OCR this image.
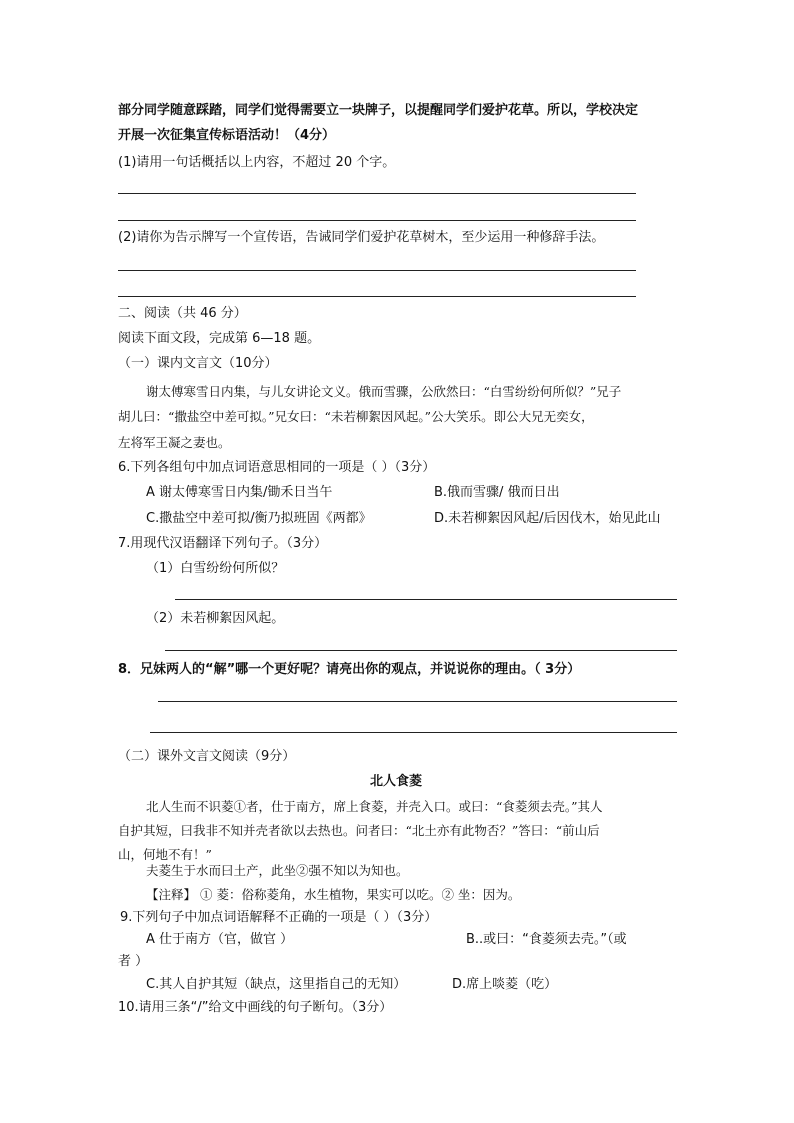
部分同学随意踩踏，同学们觉得需要立一块牌子，以提醒同学们爱护花草。所以，学校决定
开展一次征集宣传标语活动！（4分）
(1)请用一句话概括以上内容，不超过 20 个字。
(2)请你为告示牌写一个宣传语，告诫同学们爱护花草树木，至少运用一种修辞手法。
二、阅读（共 46 分）
阅读下面文段，完成第 6—18 题。
（一）课内文言文（10分）
谢太傅寒雪日内集，与儿女讲论文义。俄而雪骤，公欣然曰：“白雪纷纷何所似？”兄子
胡儿曰：“撒盐空中差可拟。”兄女曰：“未若柳絮因风起。”公大笑乐。即公大兄无奕女，
左将军王凝之妻也。
6.下列各组句中加点词语意思相同的一项是（ ）（3分）
A 谢太傅寒雪日内集/锄禾日当午	B.俄而雪骤/ 俄而日出
C.撒盐空中差可拟/衡乃拟班固《两都》	D.未若柳絮因风起/后因伐木，始见此山
7.用现代汉语翻译下列句子。（3分）
（1）白雪纷纷何所似？
（2）未若柳絮因风起。
8．兄妹两人的“解”哪一个更好呢？请亮出你的观点，并说说你的理由。（ 3分）
（二）课外文言文阅读（9分）
北人食菱
北人生而不识菱①者，仕于南方，席上食菱，并壳入口。或曰：“食菱须去壳。”其人
自护其短，曰我非不知并壳者欲以去热也。问者曰：“北土亦有此物否？”答曰：“前山后
山，何地不有！”
夫菱生于水而曰土产，此坐②强不知以为知也。
【注释】 ① 菱：俗称菱角，水生植物，果实可以吃。② 坐：因为。
9.下列句子中加点词语解释不正确的一项是（ ）（3分）
A 仕于南方（官，做官 ）	B..或曰：“食菱须去壳。”（或
者 ）
C.其人自护其短（缺点，这里指自己的无知）	D.席上啖菱（吃）
10.请用三条“/”给文中画线的句子断句。（3分）
